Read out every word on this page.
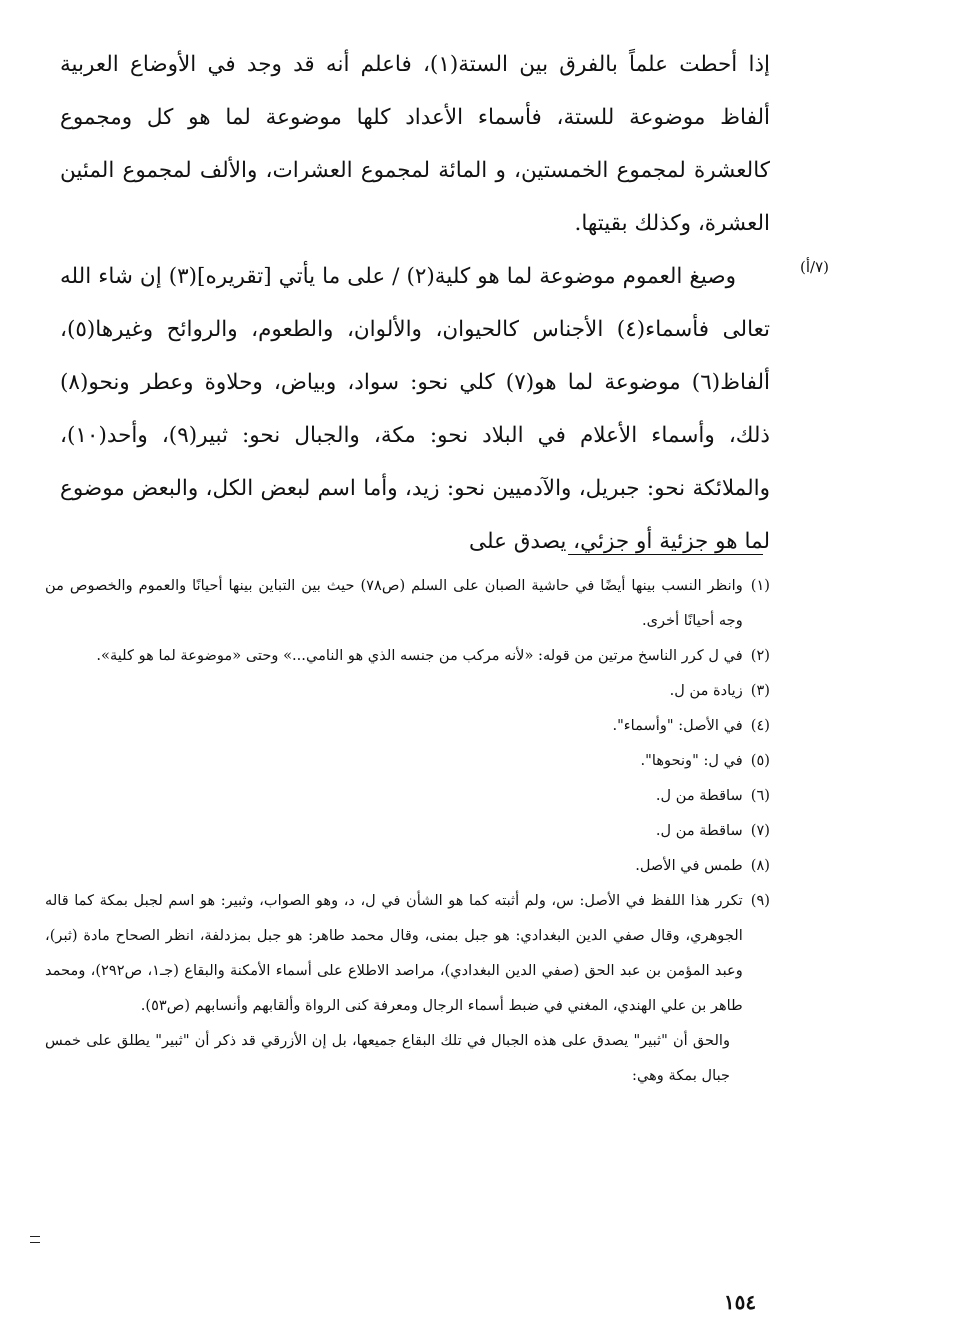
إذا أحطت علماً بالفرق بين الستة(١)، فاعلم أنه قد وجد في الأوضاع العربية ألفاظ موضوعة للستة، فأسماء الأعداد كلها موضوعة لما هو كل ومجموع كالعشرة لمجموع الخمستين، و المائة لمجموع العشرات، والألف لمجموع المئين العشرة، وكذلك بقيتها.

وصيغ العموم موضوعة لما هو كلية(٢) / على ما يأتي [تقريره](٣) إن شاء الله تعالى فأسماء(٤) الأجناس كالحيوان، والألوان، والطعوم، والروائح وغيرها(٥)، ألفاظ(٦) موضوعة لما هو(٧) كلي نحو: سواد، وبياض، وحلاوة وعطر ونحو(٨) ذلك، وأسماء الأعلام في البلاد نحو: مكة، والجبال نحو: ثبير(٩)، وأحد(١٠)، والملائكة نحو: جبريل، والآدميين نحو: زيد، وأما اسم لبعض الكل، والبعض موضوع لما هو جزئية أو جزئي، يصدق على

(٧/أ)
(١)
وانظر النسب بينها أيضًا في حاشية الصبان على السلم (ص٧٨) حيث بين التباين بينها أحيانًا والعموم والخصوص من وجه أحيانًا أخرى.
(٢)
في ل كرر الناسخ مرتين من قوله: «لأنه مركب من جنسه الذي هو النامي...» وحتى «موضوعة لما هو كلية».
(٣)
زيادة من ل.
(٤)
في الأصل: "وأسماء".
(٥)
في ل: "ونحوها".
(٦)
ساقطة من ل.
(٧)
ساقطة من ل.
(٨)
طمس في الأصل.
(٩)
تكرر هذا اللفظ في الأصل: س، ولم أثبته كما هو الشأن في ل، د، وهو الصواب، وثبير: هو اسم لجبل بمكة كما قاله الجوهري، وقال صفي الدين البغدادي: هو جبل بمنى، وقال محمد طاهر: هو جبل بمزدلفة، انظر الصحاح مادة (ثبر)، وعبد المؤمن بن عبد الحق (صفي الدين البغدادي)، مراصد الاطلاع على أسماء الأمكنة والبقاع (جـ١، ص٢٩٢)، ومحمد طاهر بن علي الهندي، المغني في ضبط أسماء الرجال ومعرفة كنى الرواة وألقابهم وأنسابهم (ص٥٣).
والحق أن "ثبير" يصدق على هذه الجبال في تلك البقاع جميعها، بل إن الأزرقي قد ذكر أن "ثبير" يطلق على خمس جبال بمكة وهي:
١٥٤
